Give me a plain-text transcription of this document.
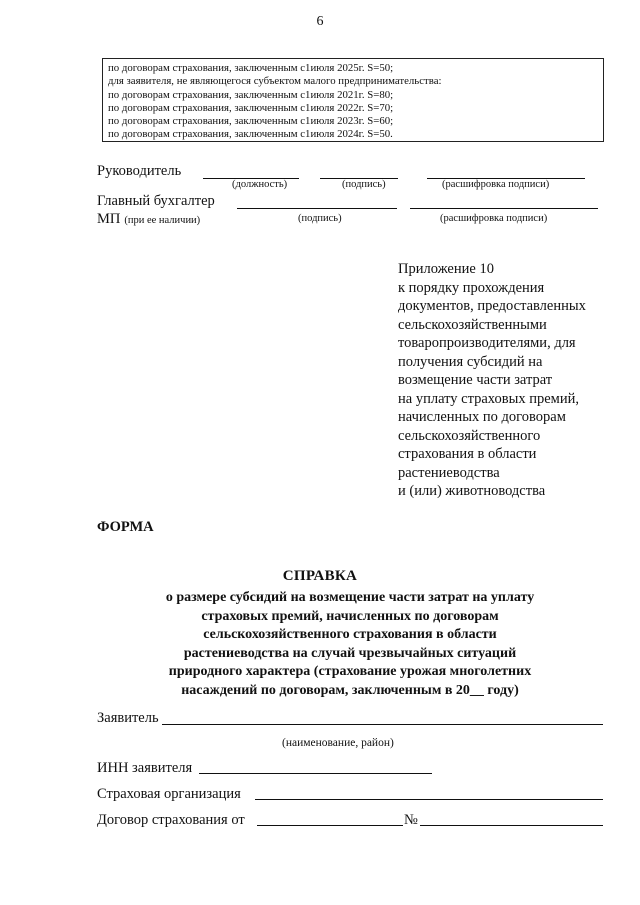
6
по договорам страхования, заключенным с1июля 2025г. S=50;
для заявителя, не являющегося субъектом малого предпринимательства:
по договорам страхования, заключенным с1июля 2021г. S=80;
по договорам страхования, заключенным с1июля 2022г. S=70;
по договорам страхования, заключенным с1июля 2023г. S=60;
по договорам страхования, заключенным с1июля 2024г. S=50.
Руководитель
(должность)	(подпись)	(расшифровка подписи)
Главный бухгалтер
МП (при ее наличии)	(подпись)	(расшифровка подписи)
Приложение 10
к порядку прохождения
документов, предоставленных
сельскохозяйственными
товаропроизводителями, для
получения субсидий на
возмещение части затрат
на уплату страховых премий,
начисленных по договорам
сельскохозяйственного
страхования в области
растениеводства
и (или) животноводства
ФОРМА
СПРАВКА
о размере субсидий на возмещение части затрат на уплату
страховых премий, начисленных по договорам
сельскохозяйственного страхования в области
растениеводства на случай чрезвычайных ситуаций
природного характера (страхование урожая многолетних
насаждений по договорам, заключенным в 20__ году)
Заявитель
(наименование, район)
ИНН заявителя
Страховая организация
Договор страхования от	№
